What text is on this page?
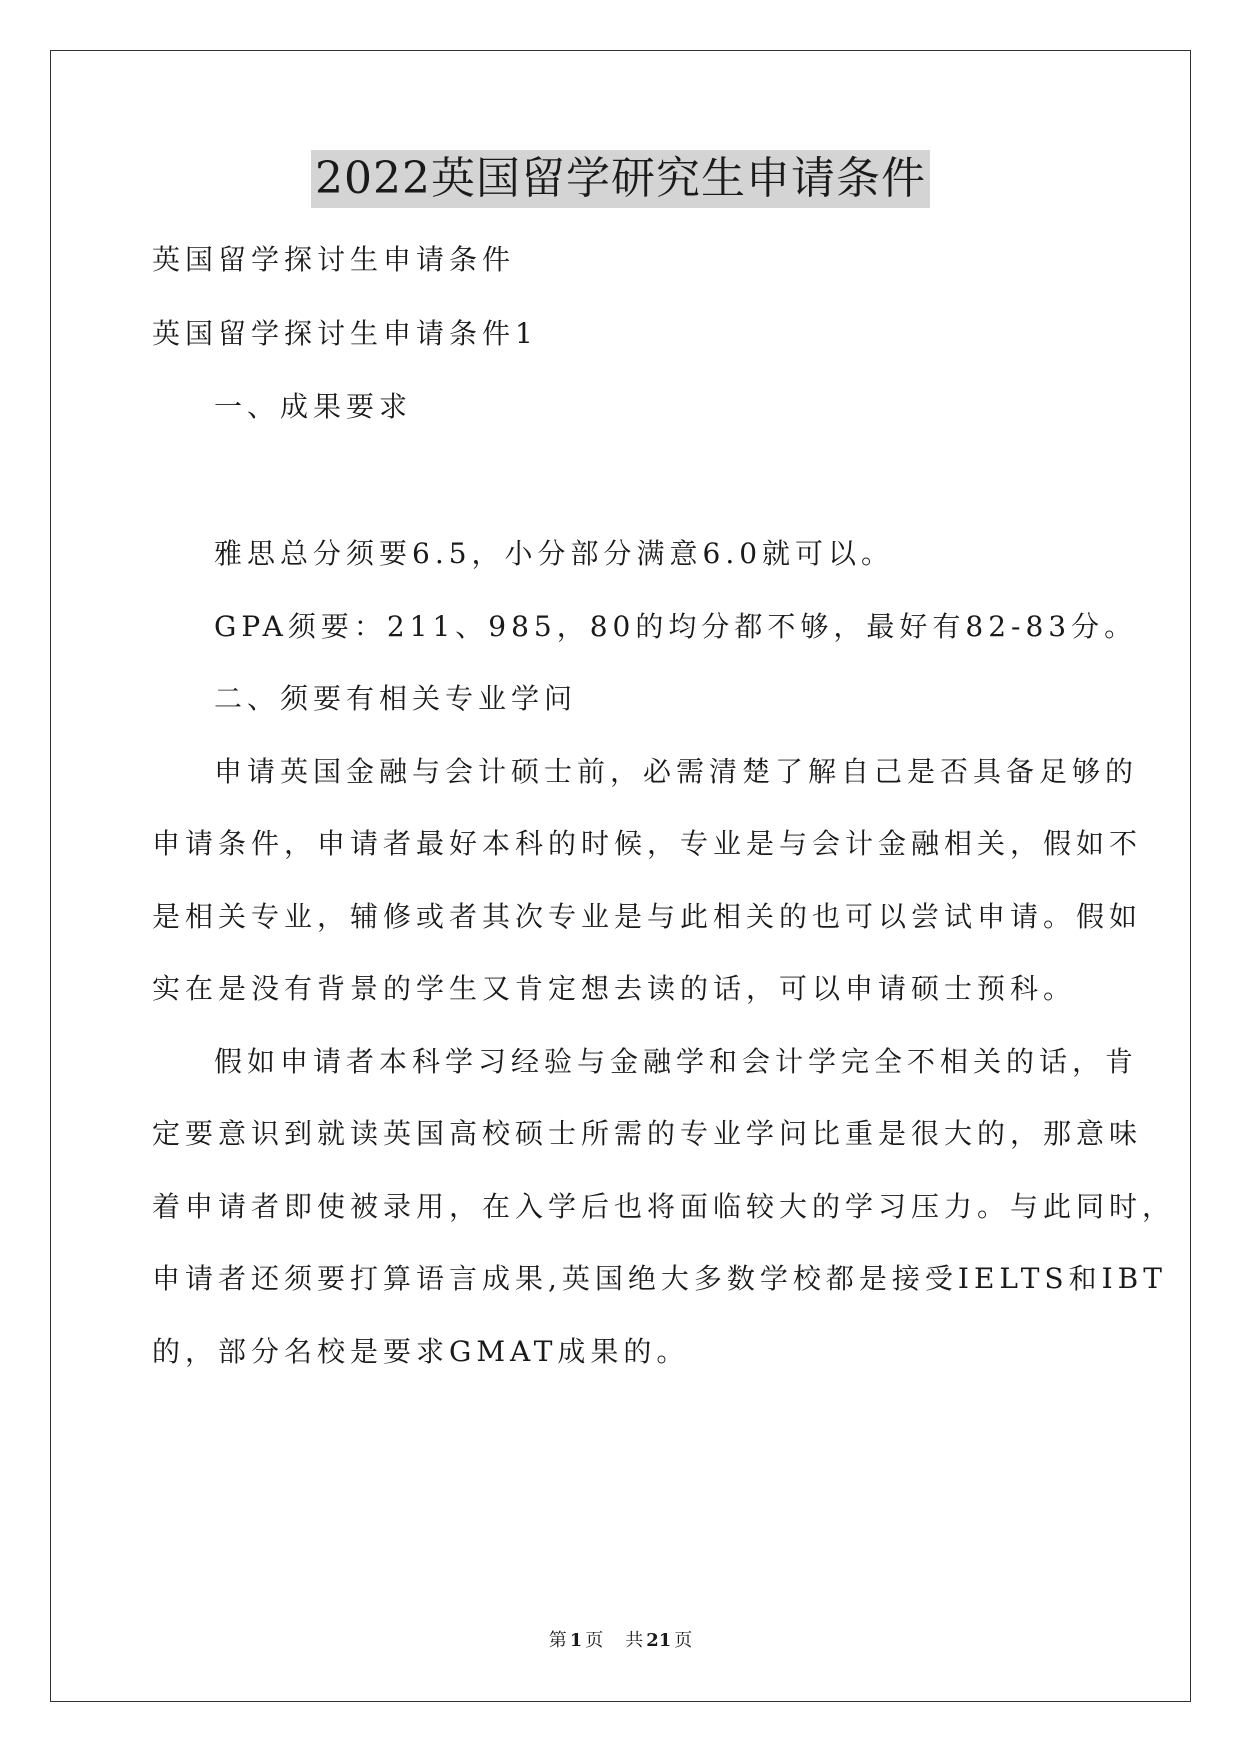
2022英国留学研究生申请条件
英国留学探讨生申请条件
英国留学探讨生申请条件1
一、成果要求
雅思总分须要6.5，小分部分满意6.0就可以。
GPA须要：211、985，80的均分都不够，最好有82-83分。
二、须要有相关专业学问
申请英国金融与会计硕士前，必需清楚了解自己是否具备足够的
申请条件，申请者最好本科的时候，专业是与会计金融相关，假如不
是相关专业，辅修或者其次专业是与此相关的也可以尝试申请。假如
实在是没有背景的学生又肯定想去读的话，可以申请硕士预科。
假如申请者本科学习经验与金融学和会计学完全不相关的话，肯
定要意识到就读英国高校硕士所需的专业学问比重是很大的，那意味
着申请者即使被录用，在入学后也将面临较大的学习压力。与此同时，
申请者还须要打算语言成果,英国绝大多数学校都是接受IELTS和IBT
的，部分名校是要求GMAT成果的。
第 1 页 共 21 页
